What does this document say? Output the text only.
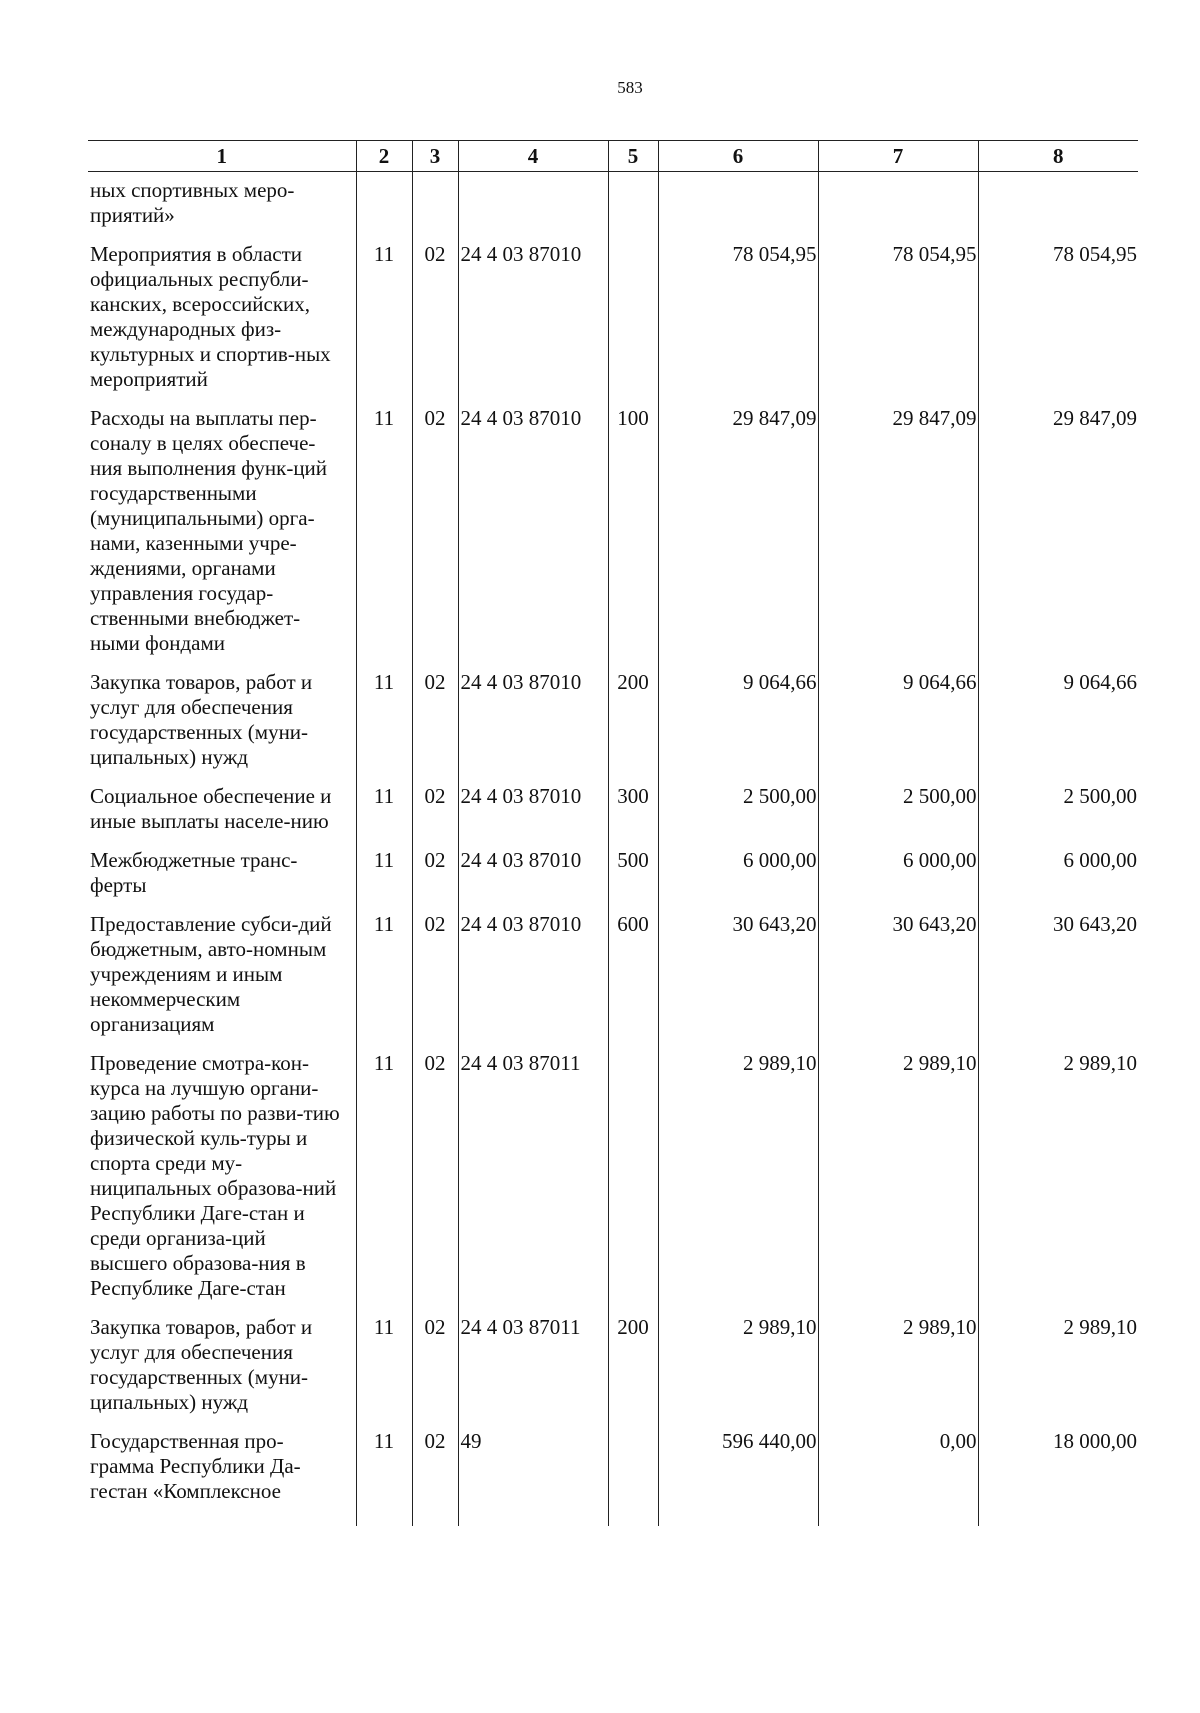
583
1	2	3	4	5	6	7	8
ных спортивных меро-приятий»							
Мероприятия в области официальных республи-канских, всероссийских, международных физ-культурных и спортив-ных мероприятий	11	02	24 4 03 87010		78 054,95	78 054,95	78 054,95
Расходы на выплаты пер-соналу в целях обеспече-ния выполнения функ-ций государственными (муниципальными) орга-нами, казенными учре-ждениями, органами управления государ-ственными внебюджет-ными фондами	11	02	24 4 03 87010	100	29 847,09	29 847,09	29 847,09
Закупка товаров, работ и услуг для обеспечения государственных (муни-ципальных) нужд	11	02	24 4 03 87010	200	9 064,66	9 064,66	9 064,66
Социальное обеспечение и иные выплаты населе-нию	11	02	24 4 03 87010	300	2 500,00	2 500,00	2 500,00
Межбюджетные транс-ферты	11	02	24 4 03 87010	500	6 000,00	6 000,00	6 000,00
Предоставление субси-дий бюджетным, авто-номным учреждениям и иным некоммерческим организациям	11	02	24 4 03 87010	600	30 643,20	30 643,20	30 643,20
Проведение смотра-кон-курса на лучшую органи-зацию работы по разви-тию физической куль-туры и спорта среди му-ниципальных образова-ний Республики Даге-стан и среди организа-ций высшего образова-ния в Республике Даге-стан	11	02	24 4 03 87011		2 989,10	2 989,10	2 989,10
Закупка товаров, работ и услуг для обеспечения государственных (муни-ципальных) нужд	11	02	24 4 03 87011	200	2 989,10	2 989,10	2 989,10
Государственная про-грамма Республики Да-гестан «Комплексное	11	02	49		596 440,00	0,00	18 000,00
